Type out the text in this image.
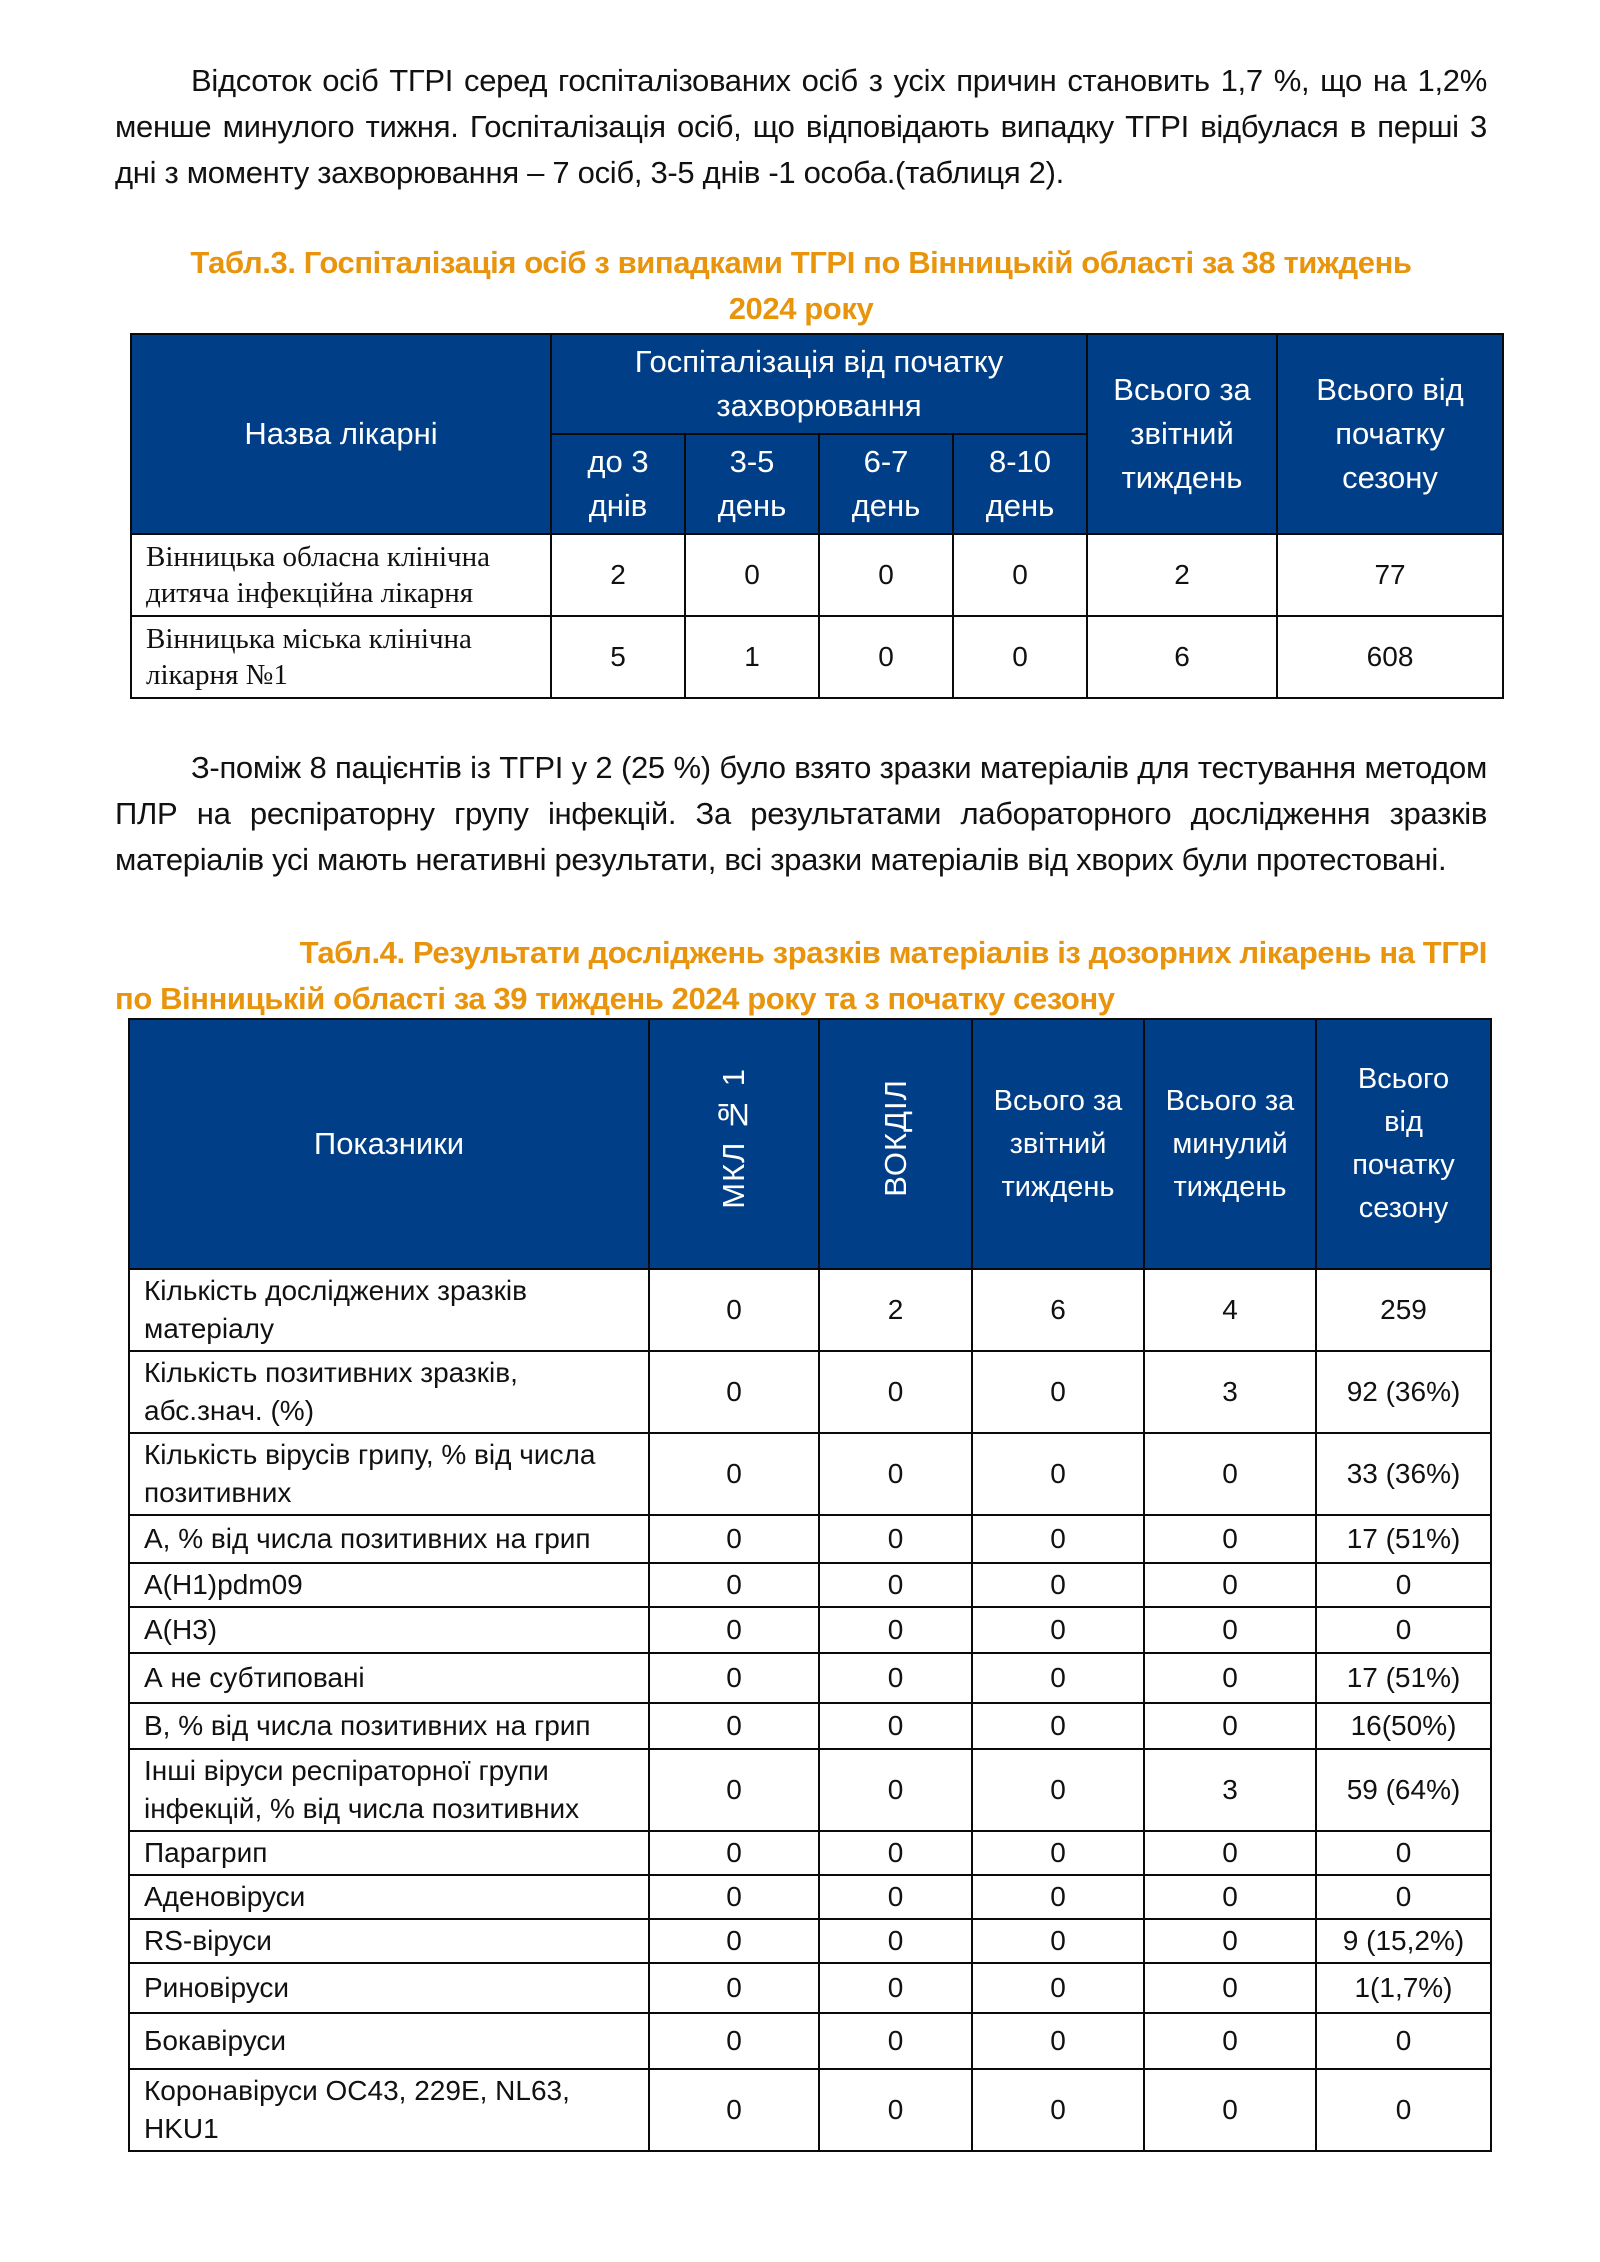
Відсоток осіб ТГРІ серед госпіталізованих осіб з усіх причин становить 1,7 %, що на 1,2% менше минулого тижня. Госпіталізація осіб, що відповідають випадку ТГРІ відбулася в перші 3 дні з моменту захворювання – 7 осіб, 3-5 днів -1 особа.(таблиця 2).
Табл.3. Госпіталізація осіб з випадками ТГРІ по Вінницькій області за 38 тиждень
2024 року
Назва лікарні	Госпіталізація від початку захворювання				Всього за звітний тиждень	Всього від початку сезону
	до 3 днів	3-5 день	6-7 день	8-10 день		
Вінницька обласна клінічна дитяча інфекційна лікарня	2	0	0	0	2	77
Вінницька міська клінічна лікарня №1	5	1	0	0	6	608
З-поміж 8 пацієнтів із ТГРІ у 2 (25 %) було взято зразки матеріалів для тестування методом ПЛР на респіраторну групу інфекцій. За результатами лабораторного дослідження зразків матеріалів усі мають негативні результати, всі зразки матеріалів від хворих були протестовані.
Табл.4. Результати досліджень зразків матеріалів із дозорних лікарень на ТГРІ
по Вінницькій області за 39 тиждень 2024 року та з початку сезону
Показники	МКЛ № 1	ВОКДІЛ	Всього за звітний тиждень	Всього за минулий тиждень	Всього від початку сезону
Кількість досліджених зразків матеріалу	0	2	6	4	259
Кількість позитивних зразків, абс.знач. (%)	0	0	0	3	92 (36%)
Кількість вірусів грипу, % від числа позитивних	0	0	0	0	33 (36%)
А, % від числа позитивних на грип	0	0	0	0	17 (51%)
A(H1)pdm09	0	0	0	0	0
A(H3)	0	0	0	0	0
А не субтиповані	0	0	0	0	17 (51%)
В, % від числа позитивних на грип	0	0	0	0	16(50%)
Інші віруси респіраторної групи інфекцій, % від числа позитивних	0	0	0	3	59 (64%)
Парагрип	0	0	0	0	0
Аденовіруси	0	0	0	0	0
RS-віруси	0	0	0	0	9 (15,2%)
Риновіруси	0	0	0	0	1(1,7%)
Бокавіруси	0	0	0	0	0
Коронавіруси OC43, 229E, NL63, HKU1	0	0	0	0	0
